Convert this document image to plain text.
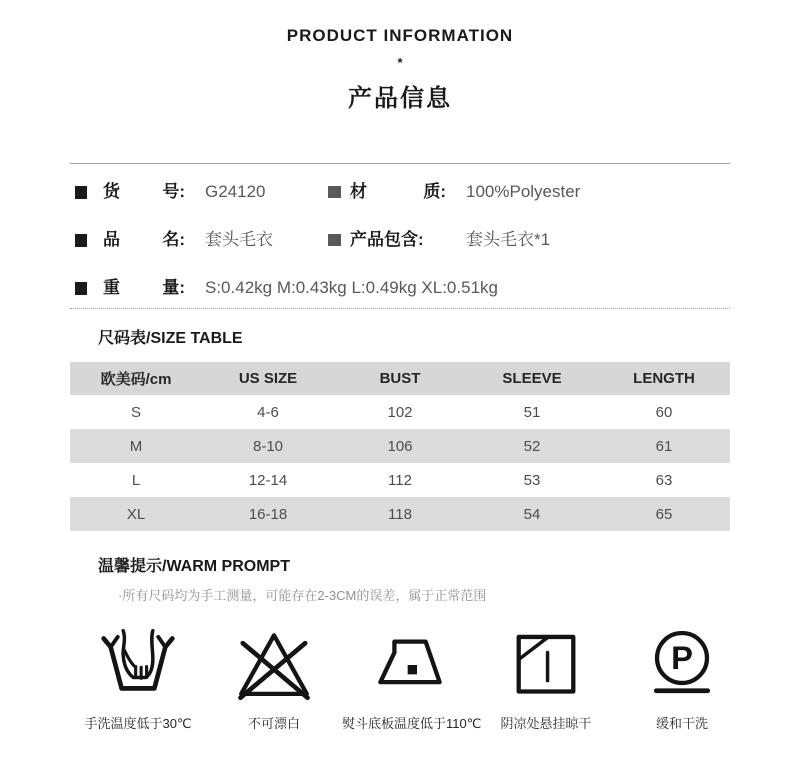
PRODUCT INFORMATION
*
产品信息
货 号: G24120	材	质: 100%Polyester
品 名: 套头毛衣	产品包含: 套头毛衣*1
重 量: S:0.42kg M:0.43kg L:0.49kg XL:0.51kg
尺码表/SIZE TABLE
欧美码/cm	US SIZE	BUST	SLEEVE	LENGTH
S	4-6	102	51	60
M	8-10	106	52	61
L	12-14	112	53	63
XL	16-18	118	54	65
温馨提示/WARM PROMPT
·所有尺码均为手工测量，可能存在2-3CM的误差，属于正常范围
手洗温度低于30℃	不可漂白	熨斗底板温度低于110℃	阴凉处悬挂晾干
P
缓和干洗
